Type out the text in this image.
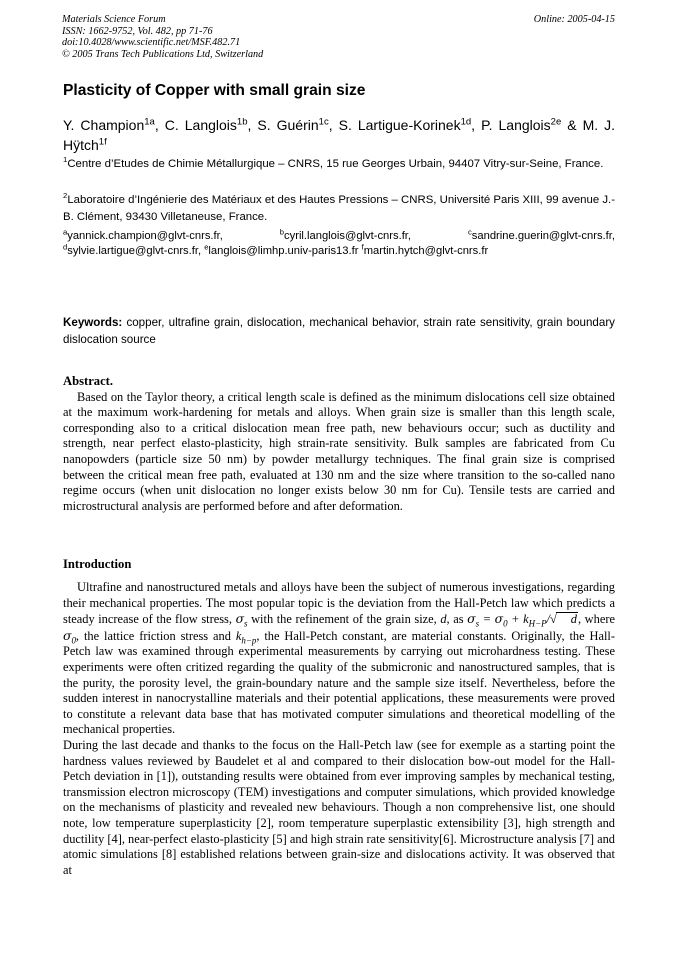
Materials Science Forum
ISSN: 1662-9752, Vol. 482, pp 71-76
doi:10.4028/www.scientific.net/MSF.482.71
© 2005 Trans Tech Publications Ltd, Switzerland
Online: 2005-04-15
Plasticity of Copper with small grain size
Y. Champion$^{1a}$, C. Langlois$^{1b}$, S. Guérin$^{1c}$, S. Lartigue-Korinek$^{1d}$, P. Langlois$^{2e}$ & M. J. Hÿtch$^{1f}$
$^1$Centre d’Etudes de Chimie Métallurgique – CNRS, 15 rue Georges Urbain, 94407 Vitry-sur-Seine, France.
$^2$Laboratoire d’Ingénierie des Matériaux et des Hautes Pressions – CNRS, Université Paris XIII, 99 avenue J.-B. Clément, 93430 Villetaneuse, France.
$^a$yannick.champion@glvt-cnrs.fr,	$^b$cyril.langlois@glvt-cnrs.fr,	$^c$sandrine.guerin@glvt-cnrs.fr,
$^d$sylvie.lartigue@glvt-cnrs.fr, $^e$langlois@limhp.univ-paris13.fr $^f$martin.hytch@glvt-cnrs.fr
Keywords: copper, ultrafine grain, dislocation, mechanical behavior, strain rate sensitivity, grain boundary dislocation source
Abstract.

Based on the Taylor theory, a critical length scale is defined as the minimum dislocations cell size obtained at the maximum work-hardening for metals and alloys. When grain size is smaller than this length scale, corresponding also to a critical dislocation mean free path, new behaviours occur; such as ductility and strength, near perfect elasto-plasticity, high strain-rate sensitivity. Bulk samples are fabricated from Cu nanopowders (particle size 50 nm) by powder metallurgy techniques. The final grain size is comprised between the critical mean free path, evaluated at 130 nm and the size where transition to the so-called nano regime occurs (when unit dislocation no longer exists below 30 nm for Cu). Tensile tests are carried and microstructural analysis are performed before and after deformation.

Introduction

Ultrafine and nanostructured metals and alloys have been the subject of numerous investigations, regarding their mechanical properties. The most popular topic is the deviation from the Hall-Petch law which predicts a steady increase of the flow stress, $\sigma_s$ with the refinement of the grain size, d, as $\sigma_s = \sigma_0 + k_{H-P}/√$ d, where $\sigma_0$, the lattice friction stress and $k_{h-p}$, the Hall-Petch constant, are material constants. Originally, the Hall-Petch law was examined through experimental measurements by carrying out microhardness testing. These experiments were often critized regarding the quality of the submicronic and nanostructured samples, that is the purity, the porosity level, the grain-boundary nature and the sample size itself. Nevertheless, before the sudden interest in nanocrystalline materials and their potential applications, these measurements were proved to constitute a relevant data base that has motivated computer simulations and theoretical modelling of the mechanical properties.

During the last decade and thanks to the focus on the Hall-Petch law (see for exemple as a starting point the hardness values reviewed by Baudelet et al and compared to their dislocation bow-out model for the Hall-Petch deviation in [1]), outstanding results were obtained from ever improving samples by mechanical testing, transmission electron microscopy (TEM) investigations and computer simulations, which provided knowledge on the mechanisms of plasticity and revealed new behaviours. Though a non comprehensive list, one should note, low temperature superplasticity [2], room temperature superplastic extensibility [3], high strength and ductility [4], near-perfect elasto-plasticity [5] and high strain rate sensitivity[6]. Microstructure analysis [7] and atomic simulations [8] established relations between grain-size and dislocations activity. It was observed that at
